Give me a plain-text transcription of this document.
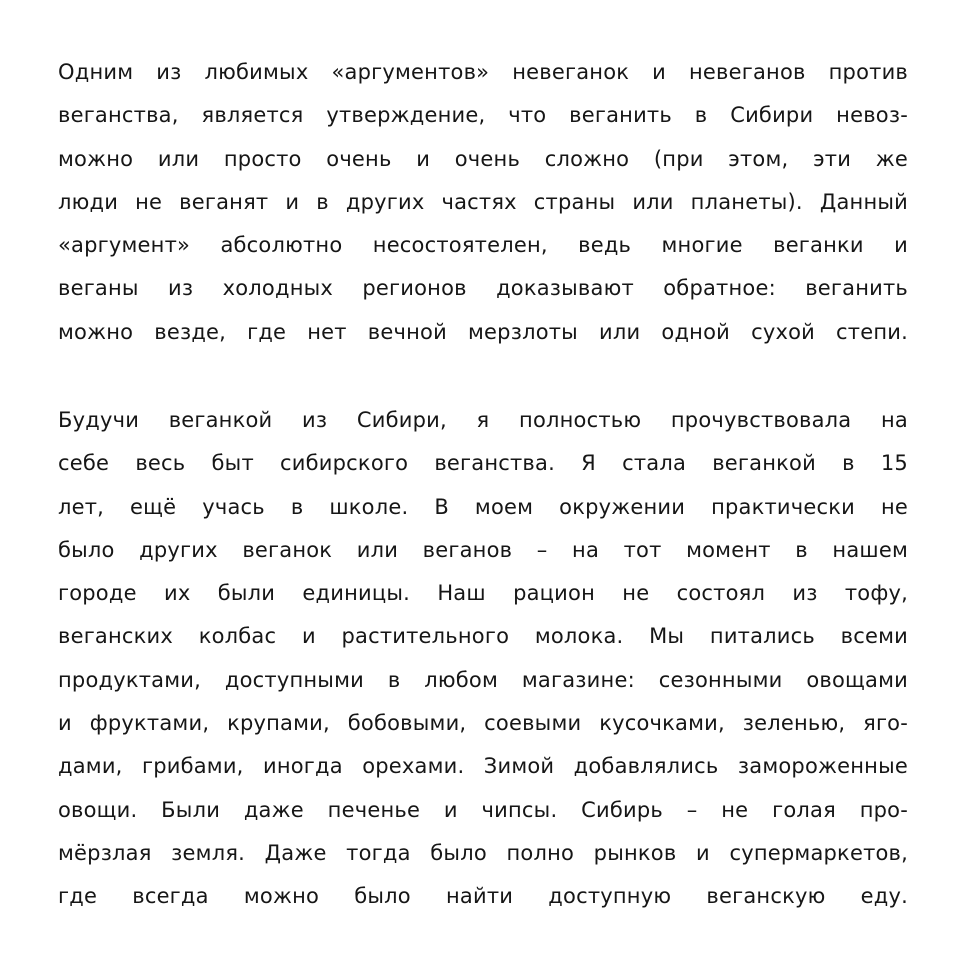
Одним из любимых «аргументов» невеганок и невеганов против
веганства, является утверждение, что веганить в Сибири невоз-
можно или просто очень и очень сложно (при этом, эти же
люди не веганят и в других частях страны или планеты). Данный
«аргумент» абсолютно несостоятелен, ведь многие веганки и
веганы из холодных регионов доказывают обратное: веганить
можно везде, где нет вечной мерзлоты или одной сухой степи.
Будучи веганкой из Сибири, я полностью прочувствовала на
себе весь быт сибирского веганства. Я стала веганкой в 15
лет, ещё учась в школе. В моем окружении практически не
было других веганок или веганов – на тот момент в нашем
городе их были единицы. Наш рацион не состоял из тофу,
веганских колбас и растительного молока. Мы питались всеми
продуктами, доступными в любом магазине: сезонными овощами
и фруктами, крупами, бобовыми, соевыми кусочками, зеленью, яго-
дами, грибами, иногда орехами. Зимой добавлялись замороженные
овощи. Были даже печенье и чипсы. Сибирь – не голая про-
мёрзлая земля. Даже тогда было полно рынков и супермаркетов,
где всегда можно было найти доступную веганскую еду.
